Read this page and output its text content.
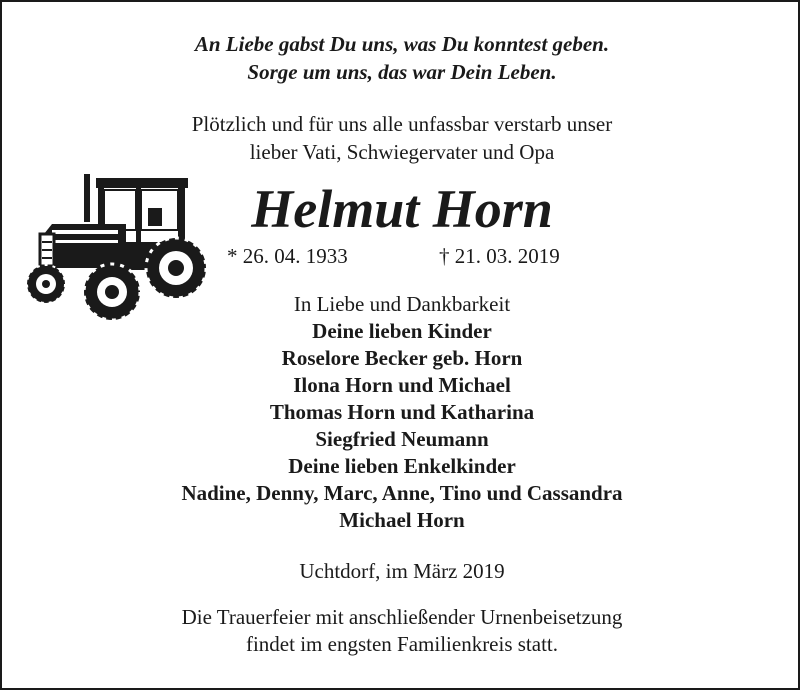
An Liebe gabst Du uns, was Du konntest geben.
Sorge um uns, das war Dein Leben.
Plötzlich und für uns alle unfassbar verstarb unser
lieber Vati, Schwiegervater und Opa
Helmut Horn
* 26. 04. 1933	† 21. 03. 2019
In Liebe und Dankbarkeit
Deine lieben Kinder
Roselore Becker geb. Horn
Ilona Horn und Michael
Thomas Horn und Katharina
Siegfried Neumann
Deine lieben Enkelkinder
Nadine, Denny, Marc, Anne, Tino und Cassandra
Michael Horn
Uchtdorf, im März 2019
Die Trauerfeier mit anschließender Urnenbeisetzung
findet im engsten Familienkreis statt.
